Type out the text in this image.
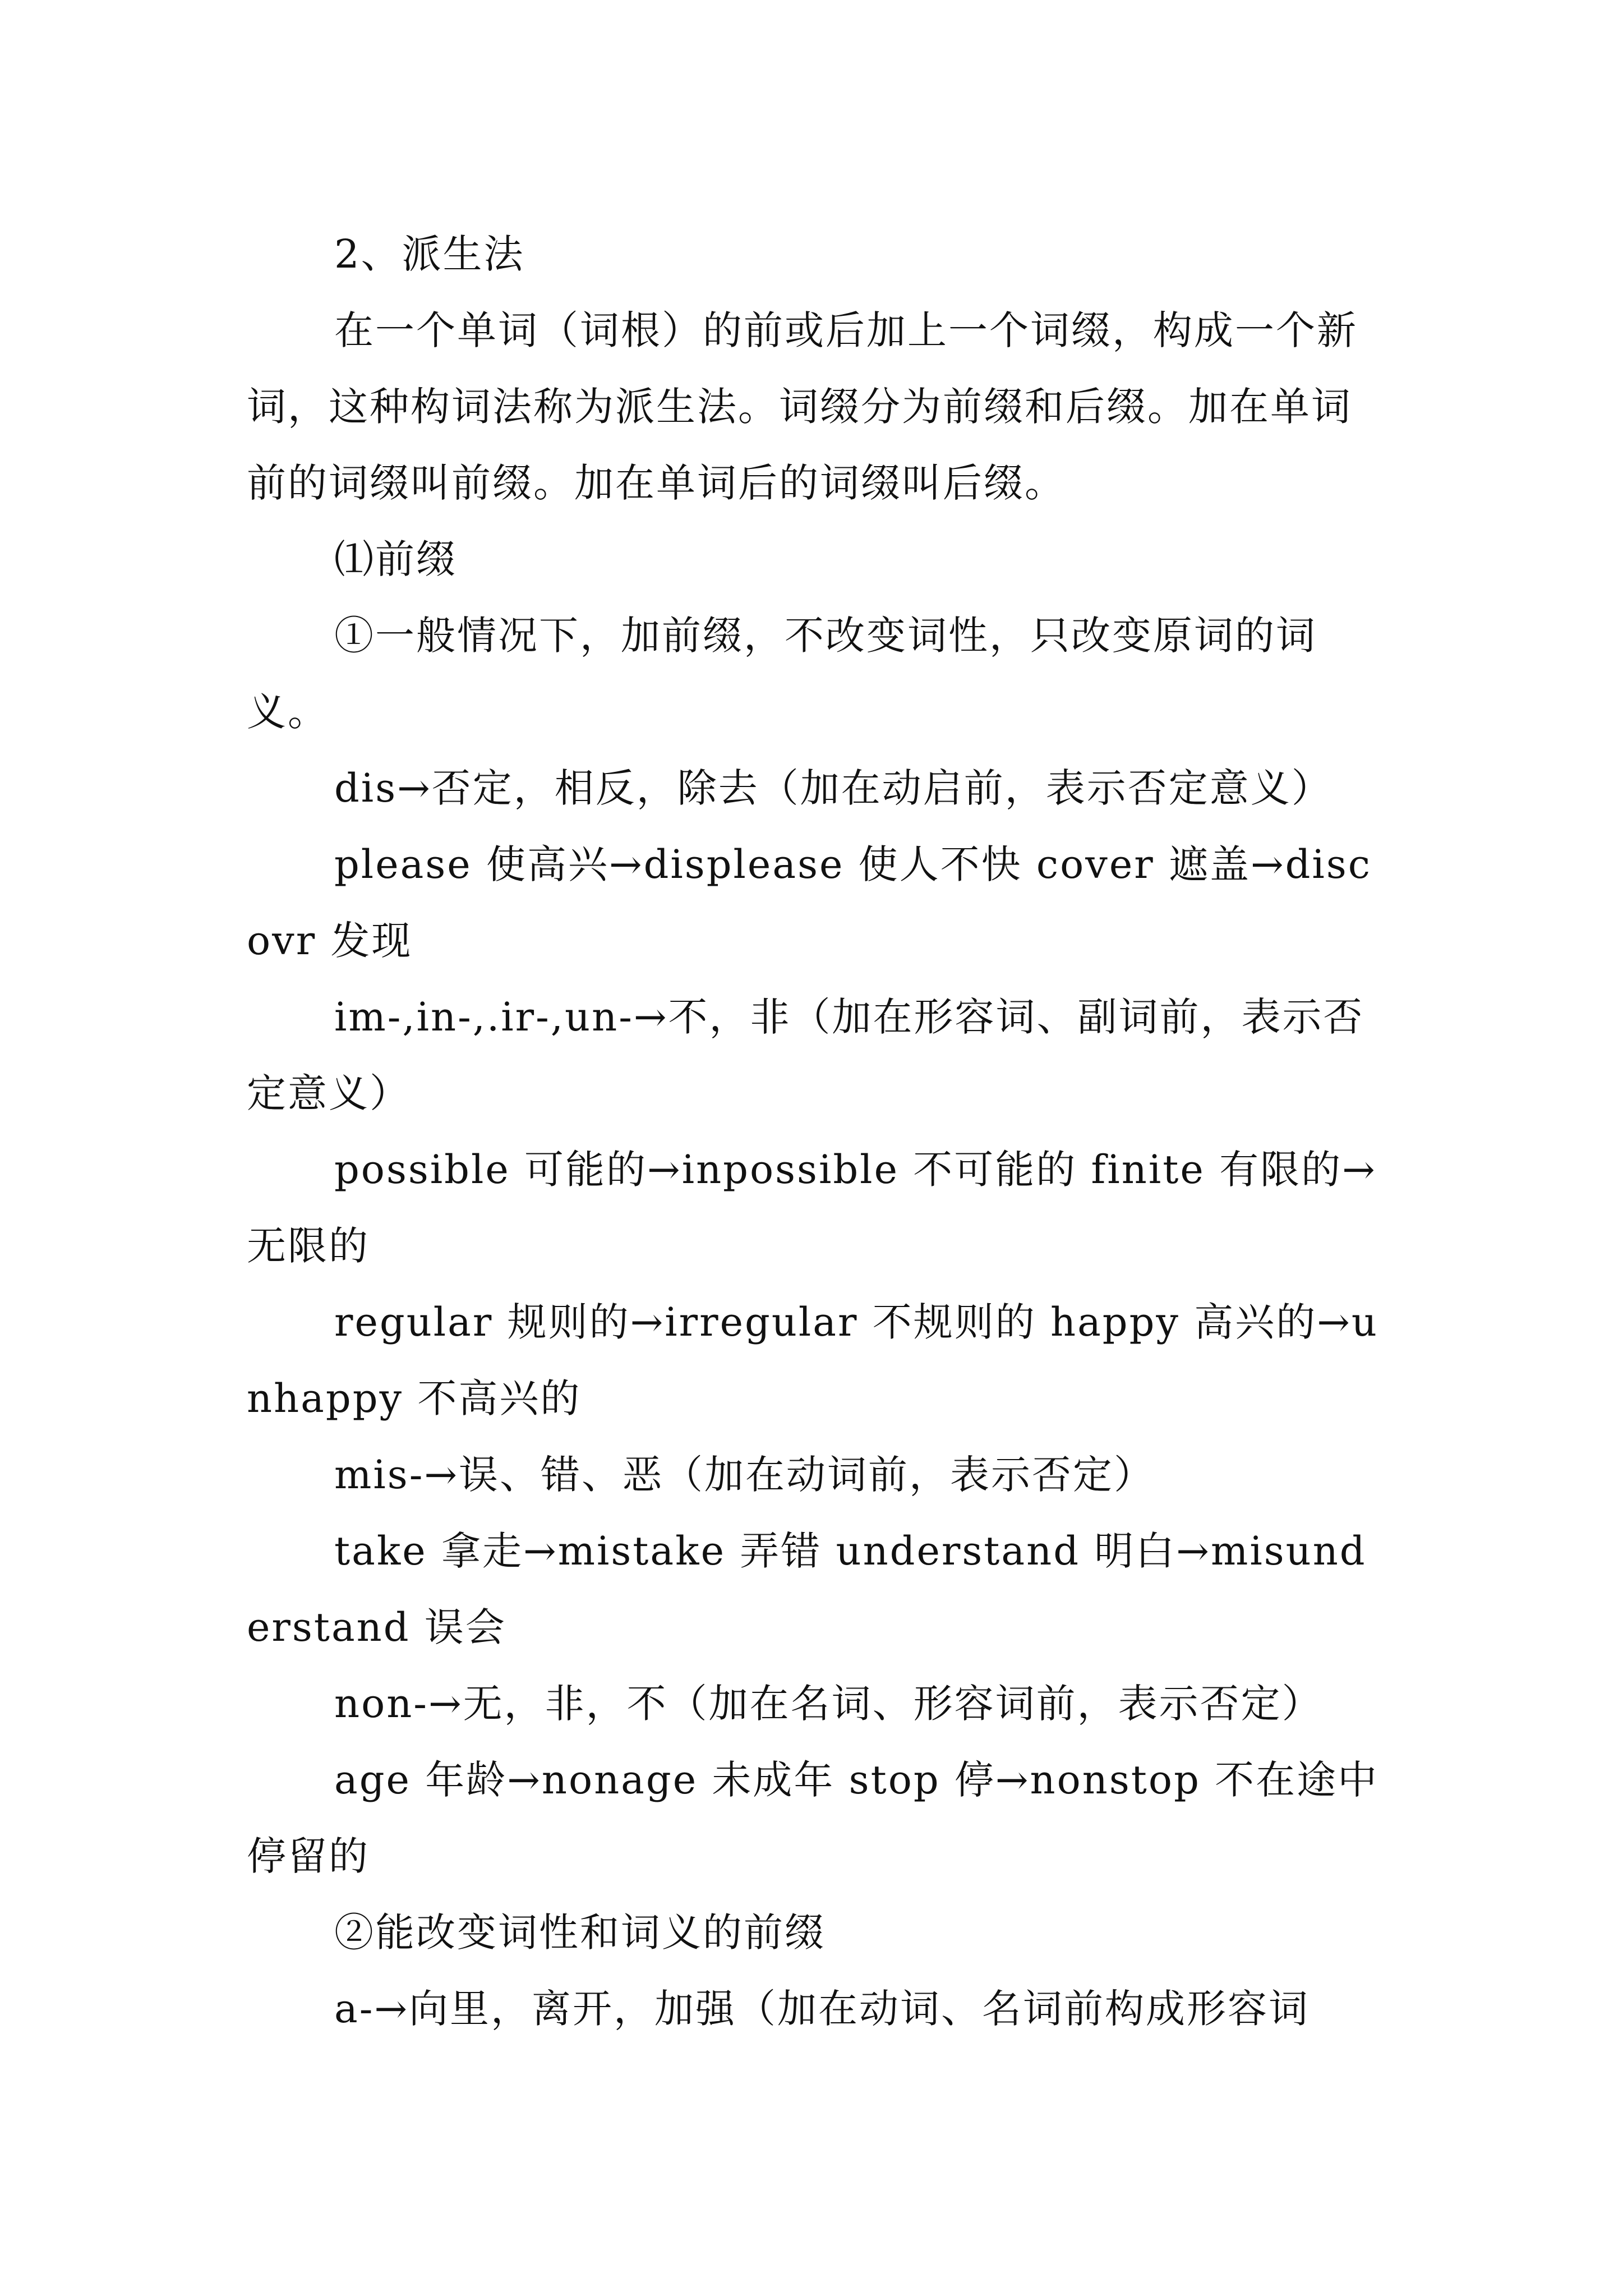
2、派生法

在一个单词（词根）的前或后加上一个词缀，构成一个新词，这种构词法称为派生法。词缀分为前缀和后缀。加在单词前的词缀叫前缀。加在单词后的词缀叫后缀。

⑴前缀

①一般情况下，加前缀，不改变词性，只改变原词的词义。

dis→否定，相反，除去（加在动启前，表示否定意义）

please 使高兴→displease 使人不快 cover 遮盖→discovr 发现

im-,in-,.ir-,un-→不，非（加在形容词、副词前，表示否定意义）

possible 可能的→inpossible 不可能的 finite 有限的→无限的

regular 规则的→irregular 不规则的 happy 高兴的→unhappy 不高兴的

mis-→误、错、恶（加在动词前，表示否定）

take 拿走→mistake 弄错 understand 明白→misunderstand 误会

non-→无，非，不（加在名词、形容词前，表示否定）

age 年龄→nonage 未成年 stop 停→nonstop 不在途中停留的

②能改变词性和词义的前缀

a-→向里，离开，加强（加在动词、名词前构成形容词
